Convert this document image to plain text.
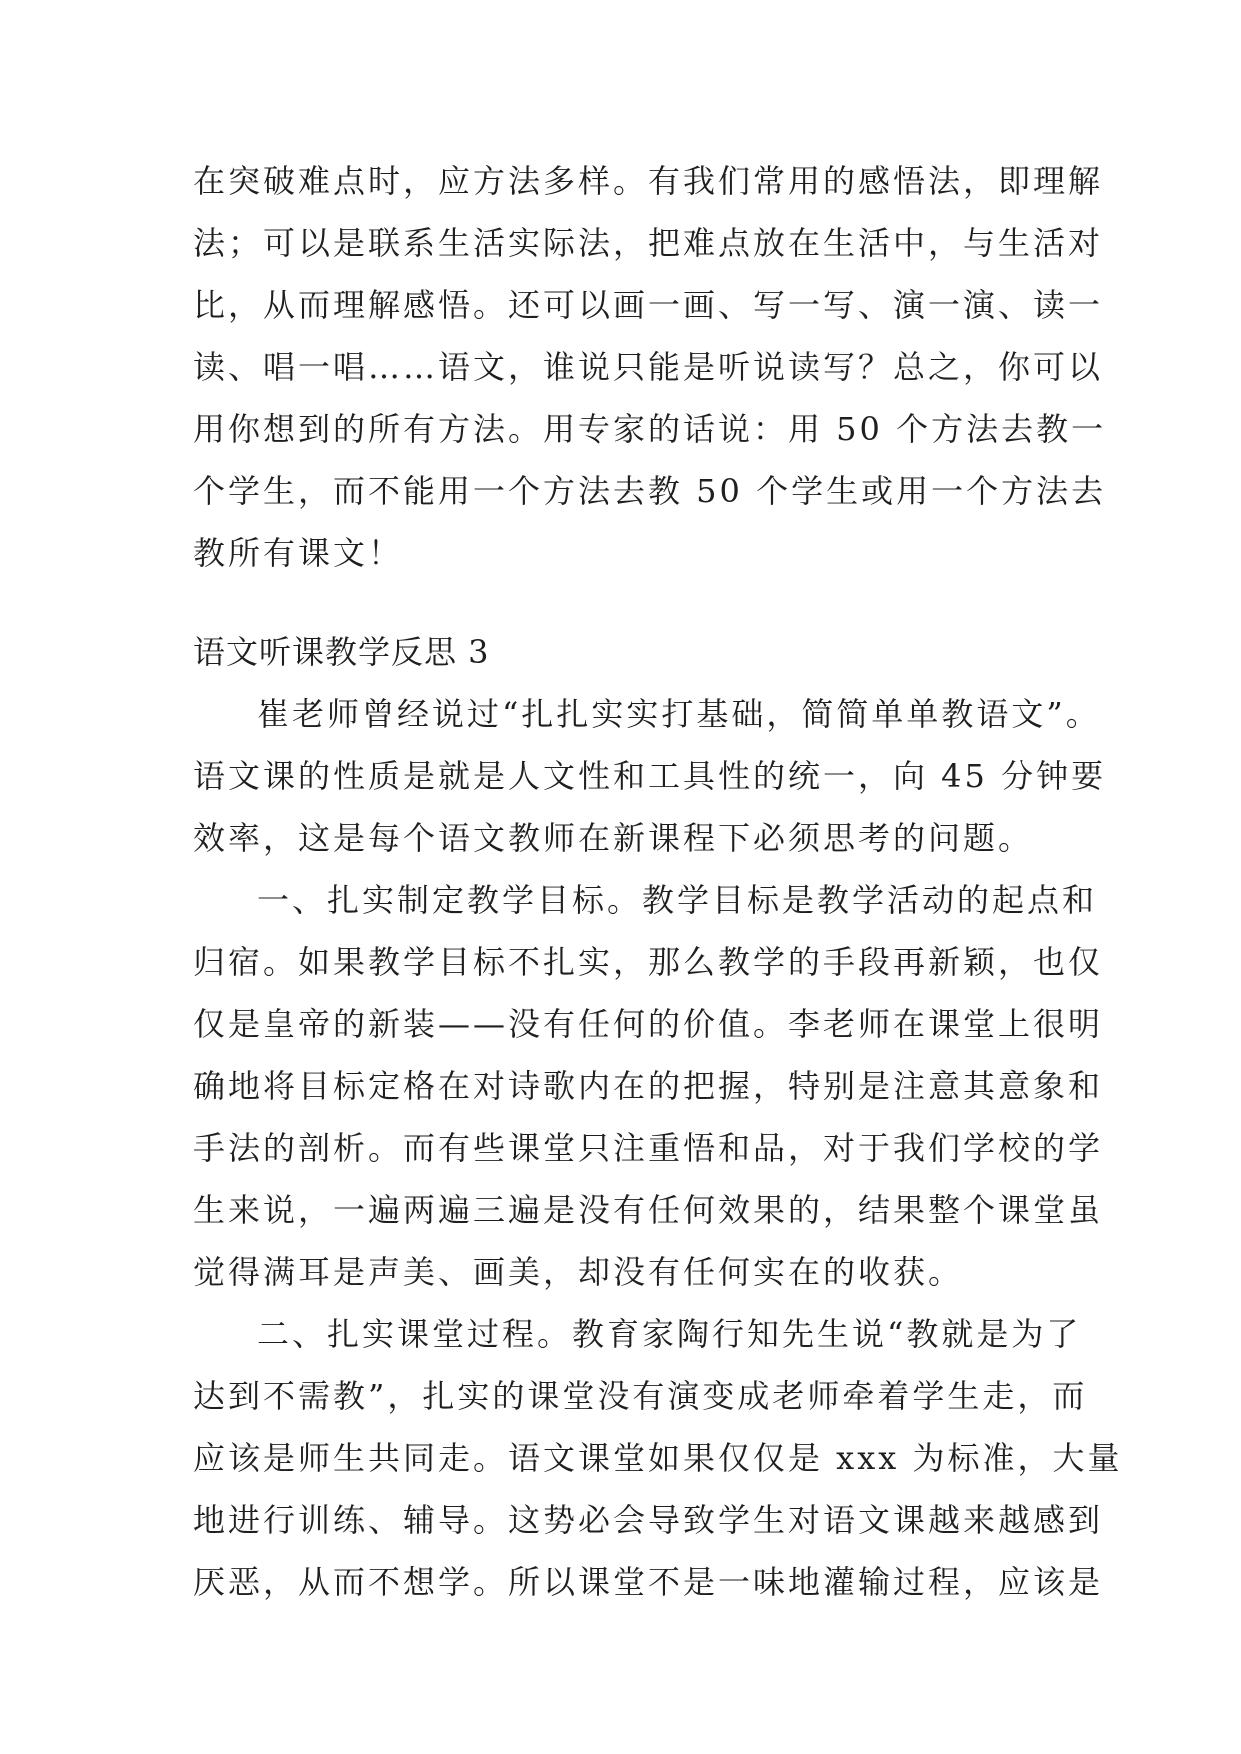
在突破难点时，应方法多样。有我们常用的感悟法，即理解
法；可以是联系生活实际法，把难点放在生活中，与生活对
比，从而理解感悟。还可以画一画、写一写、演一演、读一
读、唱一唱……语文，谁说只能是听说读写？总之，你可以
用你想到的所有方法。用专家的话说：用 50 个方法去教一
个学生，而不能用一个方法去教 50 个学生或用一个方法去
教所有课文！
语文听课教学反思 3
崔老师曾经说过“扎扎实实打基础，简简单单教语文”。
语文课的性质是就是人文性和工具性的统一，向 45 分钟要
效率，这是每个语文教师在新课程下必须思考的问题。
一、扎实制定教学目标。教学目标是教学活动的起点和
归宿。如果教学目标不扎实，那么教学的手段再新颖，也仅
仅是皇帝的新装——没有任何的价值。李老师在课堂上很明
确地将目标定格在对诗歌内在的把握，特别是注意其意象和
手法的剖析。而有些课堂只注重悟和品，对于我们学校的学
生来说，一遍两遍三遍是没有任何效果的，结果整个课堂虽
觉得满耳是声美、画美，却没有任何实在的收获。
二、扎实课堂过程。教育家陶行知先生说“教就是为了
达到不需教”，扎实的课堂没有演变成老师牵着学生走，而
应该是师生共同走。语文课堂如果仅仅是 xxx 为标准，大量
地进行训练、辅导。这势必会导致学生对语文课越来越感到
厌恶，从而不想学。所以课堂不是一味地灌输过程，应该是
